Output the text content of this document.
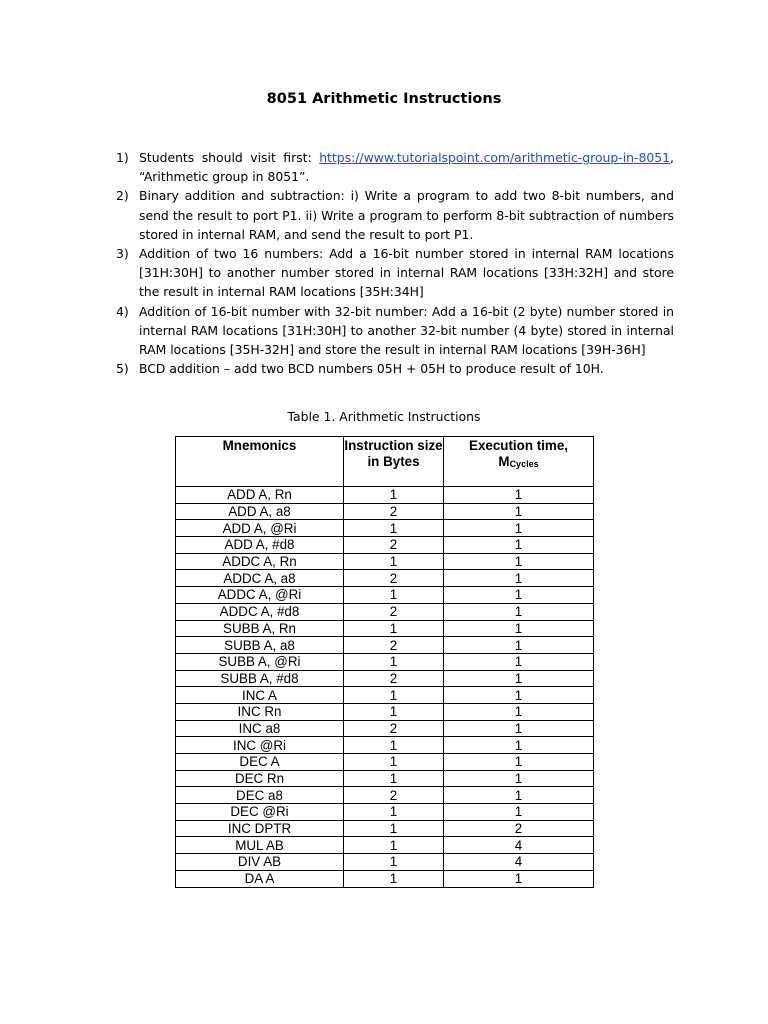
8051 Arithmetic Instructions
1) Students should visit first: https://www.tutorialspoint.com/arithmetic-group-in-8051, “Arithmetic group in 8051”.
2) Binary addition and subtraction: i) Write a program to add two 8-bit numbers, and send the result to port P1. ii) Write a program to perform 8-bit subtraction of numbers stored in internal RAM, and send the result to port P1.
3) Addition of two 16 numbers: Add a 16-bit number stored in internal RAM locations [31H:30H] to another number stored in internal RAM locations [33H:32H] and store the result in internal RAM locations [35H:34H]
4) Addition of 16-bit number with 32-bit number: Add a 16-bit (2 byte) number stored in internal RAM locations [31H:30H] to another 32-bit number (4 byte) stored in internal RAM locations [35H-32H] and store the result in internal RAM locations [39H-36H]
5) BCD addition – add two BCD numbers 05H + 05H to produce result of 10H.
Table 1. Arithmetic Instructions
Mnemonics	Instruction size in Bytes	Execution time,
MCycles
ADD A, Rn	1	1
ADD A, a8	2	1
ADD A, @Ri	1	1
ADD A, #d8	2	1
ADDC A, Rn	1	1
ADDC A, a8	2	1
ADDC A, @Ri	1	1
ADDC A, #d8	2	1
SUBB A, Rn	1	1
SUBB A, a8	2	1
SUBB A, @Ri	1	1
SUBB A, #d8	2	1
INC A	1	1
INC Rn	1	1
INC a8	2	1
INC @Ri	1	1
DEC A	1	1
DEC Rn	1	1
DEC a8	2	1
DEC @Ri	1	1
INC DPTR	1	2
MUL AB	1	4
DIV AB	1	4
DA A	1	1
